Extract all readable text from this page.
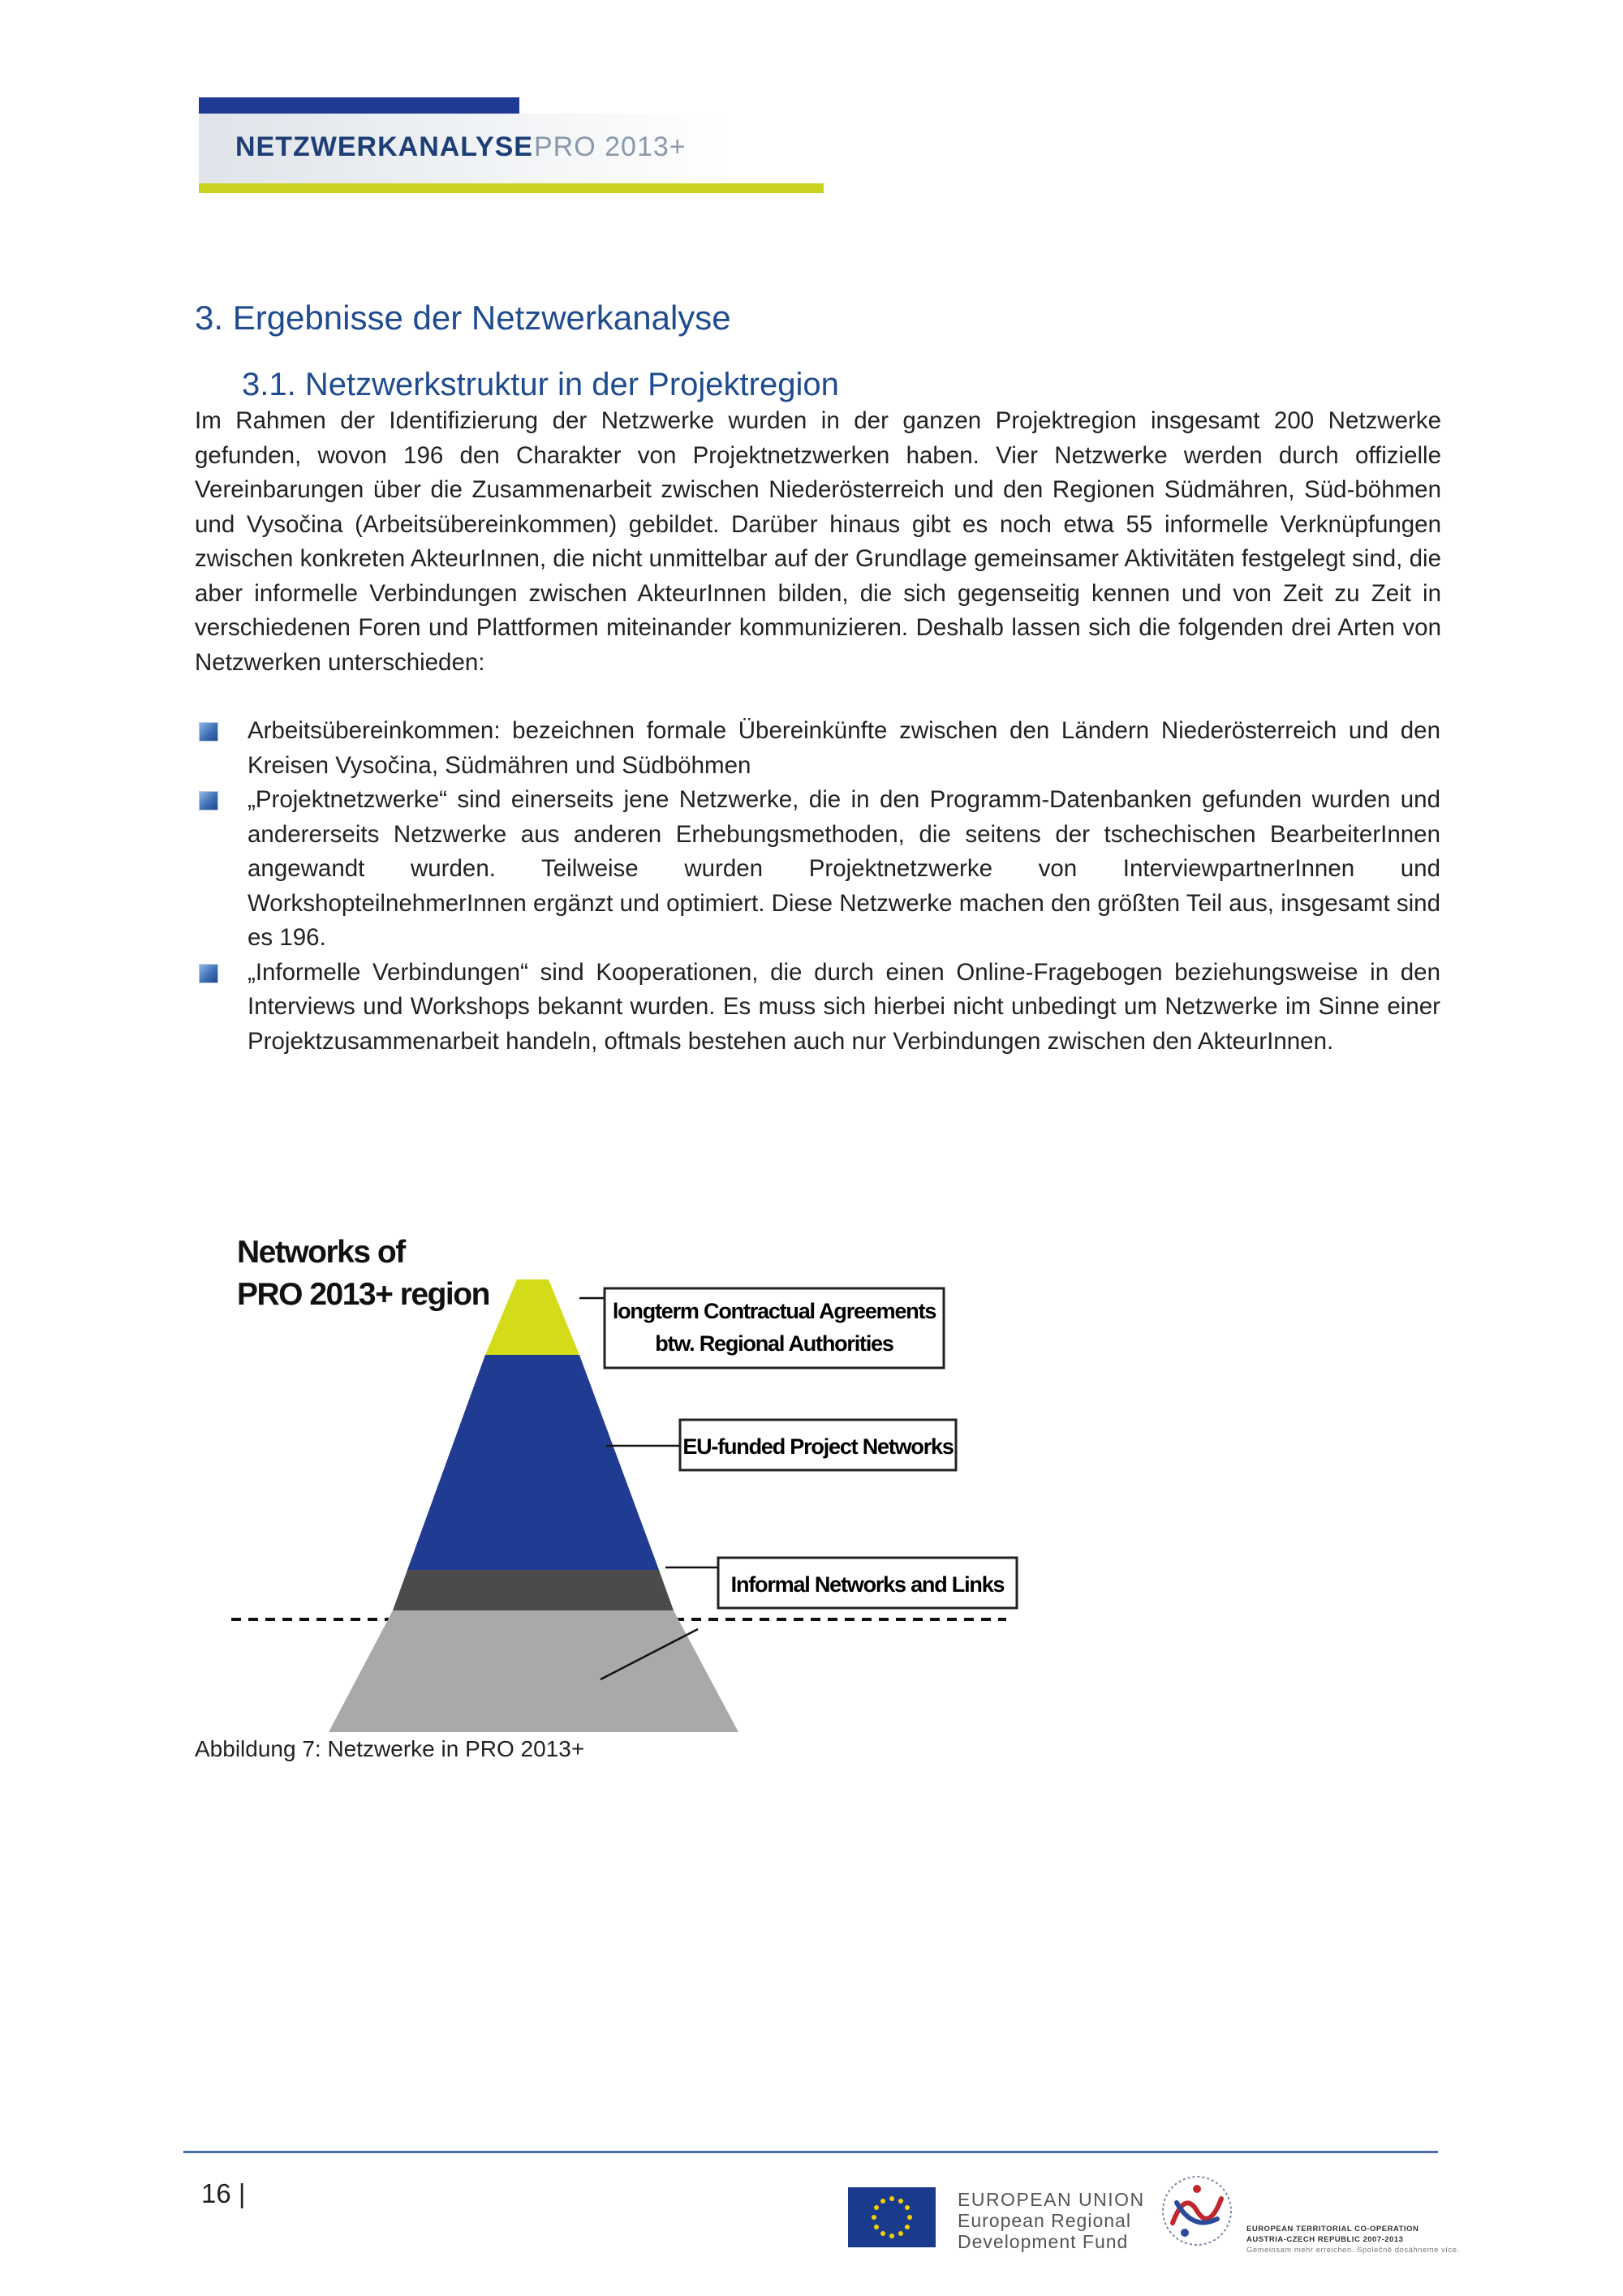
NETZWERKANALYSE PRO 2013+
3. Ergebnisse der Netzwerkanalyse
3.1. Netzwerkstruktur in der Projektregion
Im Rahmen der Identifizierung der Netzwerke wurden in der ganzen Projektregion insgesamt 200 Netzwerke gefunden, wovon 196 den Charakter von Projektnetzwerken haben. Vier Netzwerke werden durch offizielle Vereinbarungen über die Zusammenarbeit zwischen Niederösterreich und den Regionen Südmähren, Süd-böhmen und Vysočina (Arbeitsübereinkommen) gebildet. Darüber hinaus gibt es noch etwa 55 informelle Verknüpfungen zwischen konkreten AkteurInnen, die nicht unmittelbar auf der Grundlage gemeinsamer Aktivitäten festgelegt sind, die aber informelle Verbindungen zwischen AkteurInnen bilden, die sich gegenseitig kennen und von Zeit zu Zeit in verschiedenen Foren und Plattformen miteinander kommunizieren. Deshalb lassen sich die folgenden drei Arten von Netzwerken unterschieden:
Arbeitsübereinkommen: bezeichnen formale Übereinkünfte zwischen den Ländern Niederösterreich und den Kreisen Vysočina, Südmähren und Südböhmen
„Projektnetzwerke“ sind einerseits jene Netzwerke, die in den Programm-Datenbanken gefunden wurden und andererseits Netzwerke aus anderen Erhebungsmethoden, die seitens der tschechischen BearbeiterInnen angewandt wurden. Teilweise wurden Projektnetzwerke von InterviewpartnerInnen und WorkshopteilnehmerInnen ergänzt und optimiert. Diese Netzwerke machen den größten Teil aus, insgesamt sind es 196.
„Informelle Verbindungen“ sind Kooperationen, die durch einen Online-Fragebogen beziehungsweise in den Interviews und Workshops bekannt wurden. Es muss sich hierbei nicht unbedingt um Netzwerke im Sinne einer Projektzusammenarbeit handeln, oftmals bestehen auch nur Verbindungen zwischen den AkteurInnen.
Networks of
PRO 2013+ region	longterm Contractual Agreements
btw. Regional Authorities
EU-funded Project Networks
Informal Networks and Links
Abbildung 7: Netzwerke in PRO 2013+
16 |	EUROPEAN UNION
European Regional
Development Fund
EUROPEAN TERRITORIAL CO-OPERATION
AUSTRIA-CZECH REPUBLIC 2007-2013
Gemeinsam mehr erreichen. Společně dosáhneme více.
